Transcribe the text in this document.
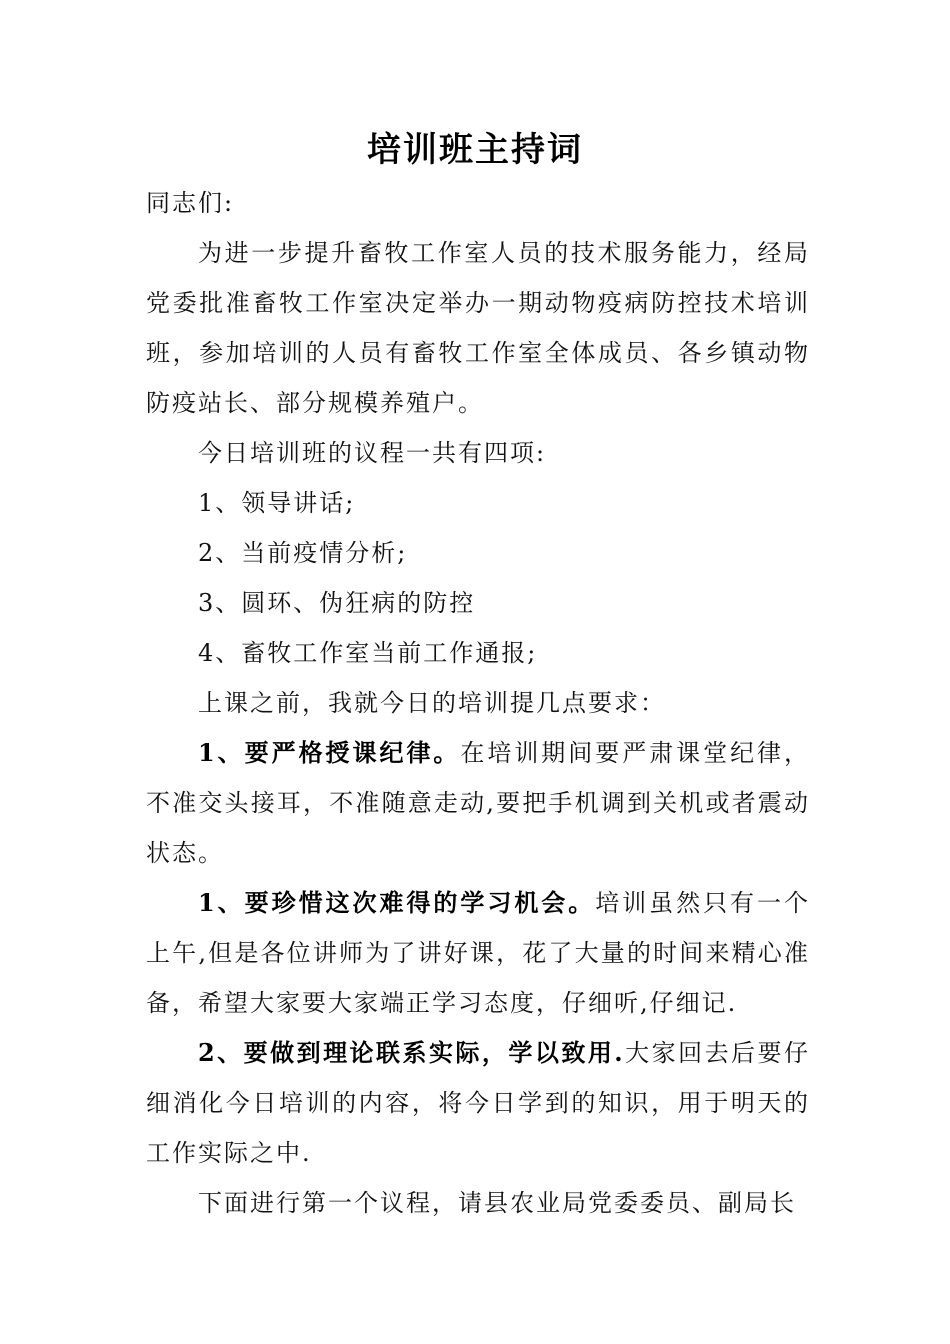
培训班主持词

同志们:

为进一步提升畜牧工作室人员的技术服务能力，经局党委批准畜牧工作室决定举办一期动物疫病防控技术培训班，参加培训的人员有畜牧工作室全体成员、各乡镇动物防疫站长、部分规模养殖户。

今日培训班的议程一共有四项:

1、领导讲话;

2、当前疫情分析;

3、圆环、伪狂病的防控

4、畜牧工作室当前工作通报;

上课之前，我就今日的培训提几点要求：

1、要严格授课纪律。在培训期间要严肃课堂纪律，不准交头接耳，不准随意走动,要把手机调到关机或者震动状态。

1、要珍惜这次难得的学习机会。培训虽然只有一个上午,但是各位讲师为了讲好课，花了大量的时间来精心准备，希望大家要大家端正学习态度，仔细听,仔细记.

2、要做到理论联系实际，学以致用.大家回去后要仔细消化今日培训的内容，将今日学到的知识，用于明天的工作实际之中.

下面进行第一个议程，请县农业局党委委员、副局长
